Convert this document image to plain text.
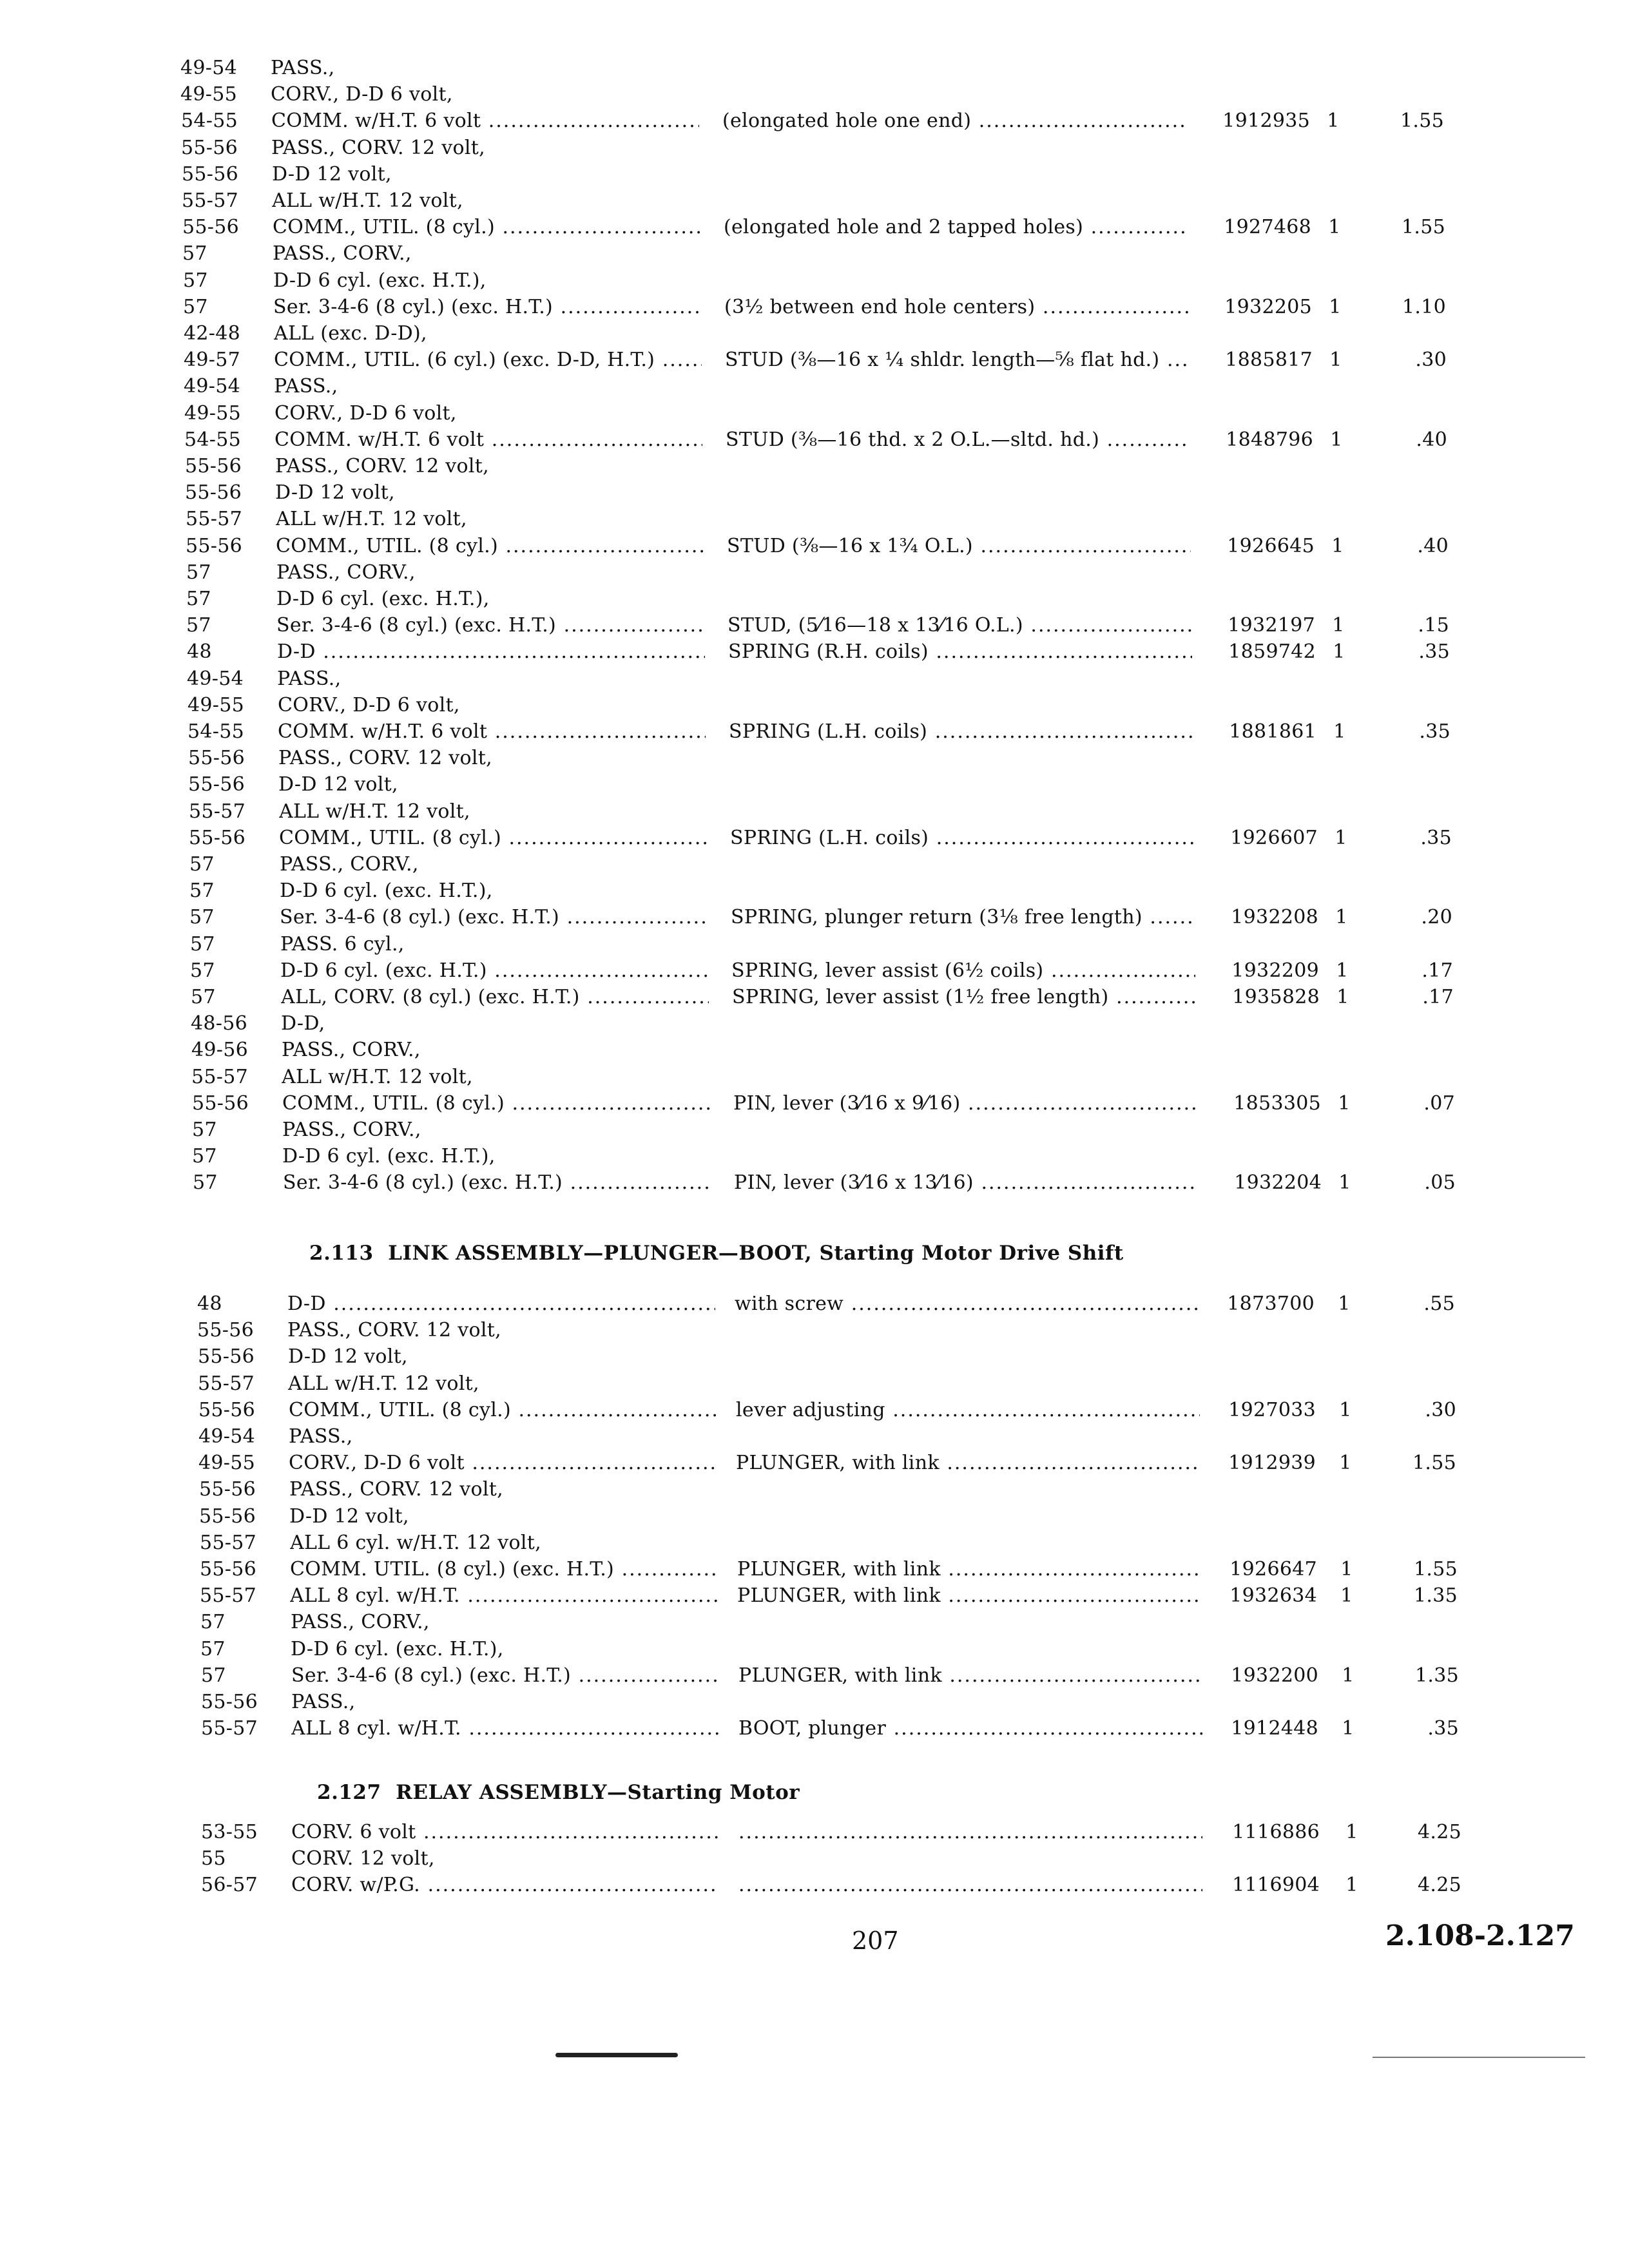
49-54	PASS.,
49-55	CORV., D-D 6 volt,
54-55	COMM. w/H.T. 6 volt .....	(elongated hole one end) .....	1912935 1	1.55
55-56	PASS., CORV. 12 volt,
55-56	D-D 12 volt,
55-57	ALL w/H.T. 12 volt,
55-56	COMM., UTIL. (8 cyl.) .....	(elongated hole and 2 tapped holes) .....	1927468 1	1.55
57	PASS., CORV.,
57	D-D 6 cyl. (exc. H.T.),
57	Ser. 3-4-6 (8 cyl.) (exc. H.T.) .....	(3½ between end hole centers) .....	1932205 1	1.10
42-48	ALL (exc. D-D),
49-57	COMM., UTIL. (6 cyl.) (exc. D-D, H.T.) .....	STUD (⅜—16 x ¼ shldr. length—⅝ flat hd.) .....	1885817 1	.30
49-54	PASS.,
49-55	CORV., D-D 6 volt,
54-55	COMM. w/H.T. 6 volt .....	STUD (⅜—16 thd. x 2 O.L.—sltd. hd.) .....	1848796 1	.40
55-56	PASS., CORV. 12 volt,
55-56	D-D 12 volt,
55-57	ALL w/H.T. 12 volt,
55-56	COMM., UTIL. (8 cyl.) .....	STUD (⅜—16 x 1¾ O.L.) .....	1926645 1	.40
57	PASS., CORV.,
57	D-D 6 cyl. (exc. H.T.),
57	Ser. 3-4-6 (8 cyl.) (exc. H.T.) .....	STUD, (5⁄16—18 x 13⁄16 O.L.) .....	1932197 1	.15
48	D-D .....	SPRING (R.H. coils) .....	1859742 1	.35
49-54	PASS.,
49-55	CORV., D-D 6 volt,
54-55	COMM. w/H.T. 6 volt .....	SPRING (L.H. coils) .....	1881861 1	.35
55-56	PASS., CORV. 12 volt,
55-56	D-D 12 volt,
55-57	ALL w/H.T. 12 volt,
55-56	COMM., UTIL. (8 cyl.) .....	SPRING (L.H. coils) .....	1926607 1	.35
57	PASS., CORV.,
57	D-D 6 cyl. (exc. H.T.),
57	Ser. 3-4-6 (8 cyl.) (exc. H.T.) .....	SPRING, plunger return (3⅛ free length) .....	1932208 1	.20
57	PASS. 6 cyl.,
57	D-D 6 cyl. (exc. H.T.) .....	SPRING, lever assist (6½ coils) .....	1932209 1	.17
57	ALL, CORV. (8 cyl.) (exc. H.T.) .....	SPRING, lever assist (1½ free length) .....	1935828 1	.17
48-56	D-D,
49-56	PASS., CORV.,
55-57	ALL w/H.T. 12 volt,
55-56	COMM., UTIL. (8 cyl.) .....	PIN, lever (3⁄16 x 9⁄16) .....	1853305 1	.07
57	PASS., CORV.,
57	D-D 6 cyl. (exc. H.T.),
57	Ser. 3-4-6 (8 cyl.) (exc. H.T.) .....	PIN, lever (3⁄16 x 13⁄16) .....	1932204 1	.05
2.113 LINK ASSEMBLY—PLUNGER—BOOT, Starting Motor Drive Shift
48	D-D .....	with screw .....	1873700	1	.55
55-56	PASS., CORV. 12 volt,
55-56	D-D 12 volt,
55-57	ALL w/H.T. 12 volt,
55-56	COMM., UTIL. (8 cyl.) .....	lever adjusting .....	1927033	1	.30
49-54	PASS.,
49-55	CORV., D-D 6 volt .....	PLUNGER, with link .....	1912939	1	1.55
55-56	PASS., CORV. 12 volt,
55-56	D-D 12 volt,
55-57	ALL 6 cyl. w/H.T. 12 volt,
55-56	COMM. UTIL. (8 cyl.) (exc. H.T.) .....	PLUNGER, with link .....	1926647	1	1.55
55-57	ALL 8 cyl. w/H.T. .....	PLUNGER, with link .....	1932634	1	1.35
57	PASS., CORV.,
57	D-D 6 cyl. (exc. H.T.),
57	Ser. 3-4-6 (8 cyl.) (exc. H.T.) .....	PLUNGER, with link .....	1932200	1	1.35
55-56	PASS.,
55-57	ALL 8 cyl. w/H.T. .....	BOOT, plunger .....	1912448	1	.35
2.127 RELAY ASSEMBLY—Starting Motor
53-55	CORV. 6 volt ..... .....	1116886	1	4.25
55	CORV. 12 volt,
56-57	CORV. w/P.G. ..... .....	1116904	1	4.25
207	2.108-2.127
